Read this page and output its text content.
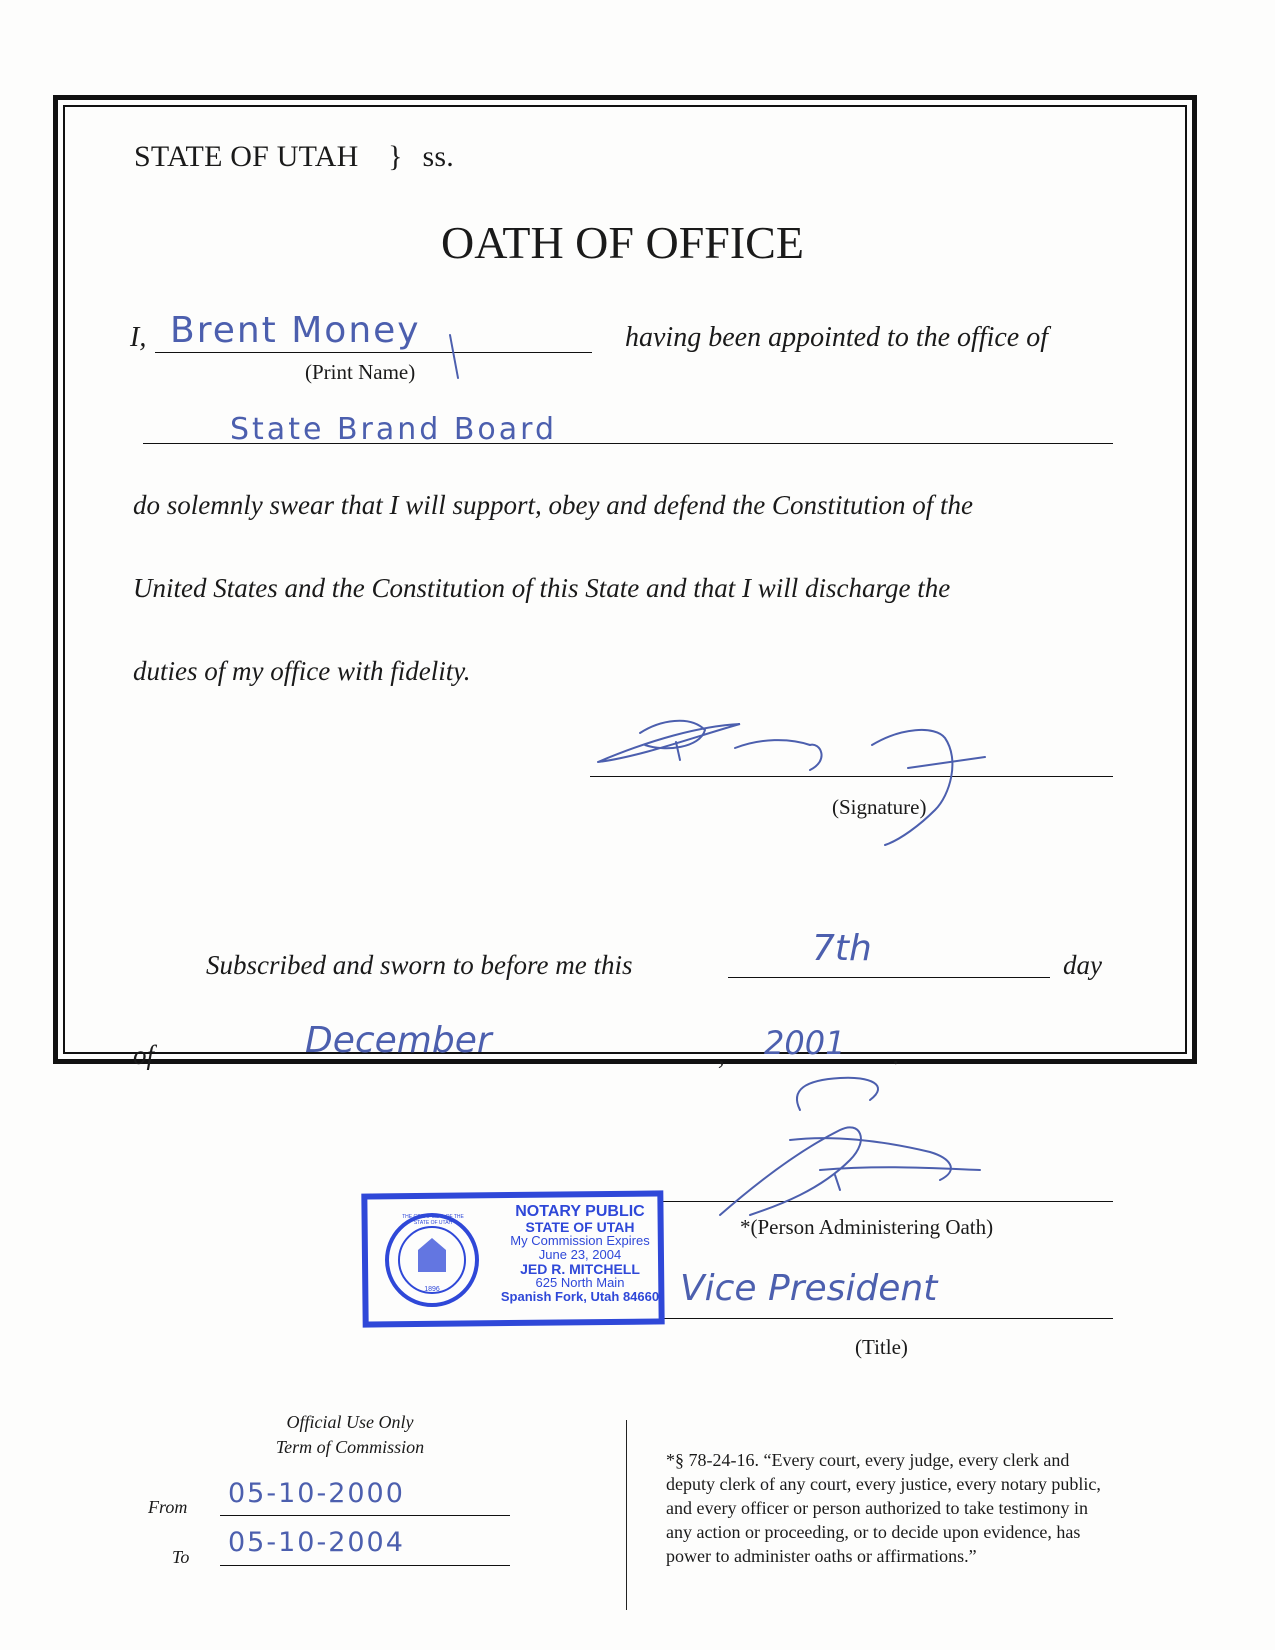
STATE OF UTAH } ss.
OATH OF OFFICE
I, Brent Money
(Print Name)
having been appointed to the office of
State Brand Board
do solemnly swear that I will support, obey and defend the Constitution of the
United States and the Constitution of this State and that I will discharge the
duties of my office with fidelity.
(Signature)
Subscribed and sworn to before me this	7th	day
of	December	, 2001 .
*(Person Administering Oath)
Vice President
(Title)
NOTARY PUBLIC
STATE OF UTAH
My Commission Expires
June 23, 2004
JED R. MITCHELL
625 North Main
Spanish Fork, Utah 84660
THE GREAT SEAL OF THE STATE OF UTAH
1896
Official Use Only
Term of Commission
From 05-10-2000
To 05-10-2004
*§ 78-24-16. “Every court, every judge, every clerk and
deputy clerk of any court, every justice, every notary public,
and every officer or person authorized to take testimony in
any action or proceeding, or to decide upon evidence, has
power to administer oaths or affirmations.”
